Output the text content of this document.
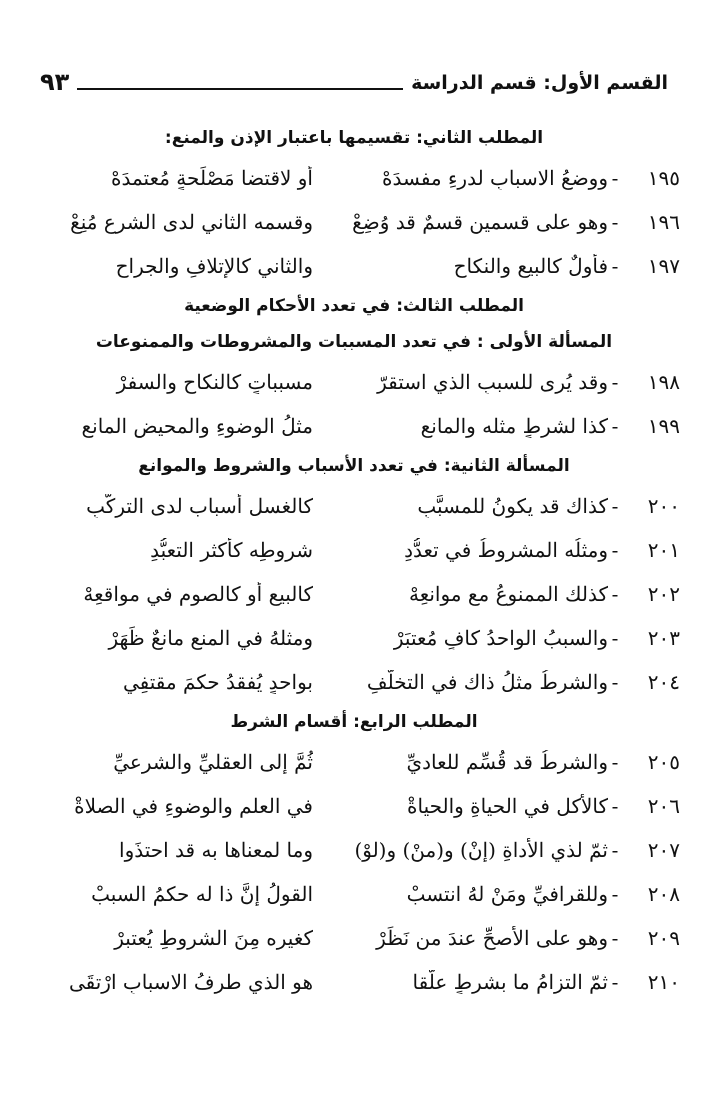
القسم الأول: قسم الدراسة
٩٣
المطلب الثاني: تقسيمها باعتبار الإذن والمنع:
١٩٥
-
ووضعُ الاسبابِ لدرءِ مفسدَهْ
أو لاقتضا مَصْلَحةٍ مُعتمدَهْ
١٩٦
-
وهو على قسمينِ قسمٌ قد وُضِعْ
وقسمه الثاني لدى الشرعِ مُنِعْ
١٩٧
-
فأولٌ كالبيعِ والنكاحِ
والثاني كالإتلافِ والجراحِ
المطلب الثالث: في تعدد الأحكام الوضعية
المسألة الأولى : في تعدد المسببات والمشروطات والممنوعات
١٩٨
-
وقد يُرى للسببِ الذي استقرّ
مسبباتٍ كالنكاحِ والسفرْ
١٩٩
-
كذا لشرطٍ مثله والمانعِ
مثلُ الوضوءِ والمحيضِ المانعِ
المسألة الثانية: في تعدد الأسباب والشروط والموانع
٢٠٠
-
كذاك قد يكونُ للمسبَّبِ
كالغسلِ أسباب لدى التركُّبِ
٢٠١
-
ومثلُه المشروطُ في تعدُّدِ
شروطِه كأكثرِ التعبُّدِ
٢٠٢
-
كذلك الممنوعُ مع موانعِهْ
كالبيعِ أو كالصومِ في مواقعِهْ
٢٠٣
-
والسببُ الواحدُ كافٍ مُعتبَرْ
ومثلهُ في المنعِ مانعٌ ظَهَرْ
٢٠٤
-
والشرطُ مثلُ ذاك في التخلُّفِ
بواحدٍ يُفقدُ حكمَ مقتفِي
المطلب الرابع: أقسام الشرط
٢٠٥
-
والشرطُ قد قُسِّم للعاديِّ
ثُمَّ إلى العقليِّ والشرعيِّ
٢٠٦
-
كالأكلِ في الحياةِ والحياةْ
في العلمِ والوضوءِ في الصلاةْ
٢٠٧
-
ثمّ لذي الأداةِ (إنْ) و(منْ) و(لوْ)
وما لمعناها به قد احتذَوا
٢٠٨
-
وللقرافيِّ ومَنْ لهُ انتسبْ
القولُ إنَّ ذا له حكمُ السببْ
٢٠٩
-
وهو على الأصحِّ عندَ من نَظَرْ
كغيرِه مِنَ الشروطِ يُعتبرْ
٢١٠
-
ثمّ التزامُ ما بشرطٍ علّقا
هو الذي طرفُ الاسبابِ ارْتقَى
